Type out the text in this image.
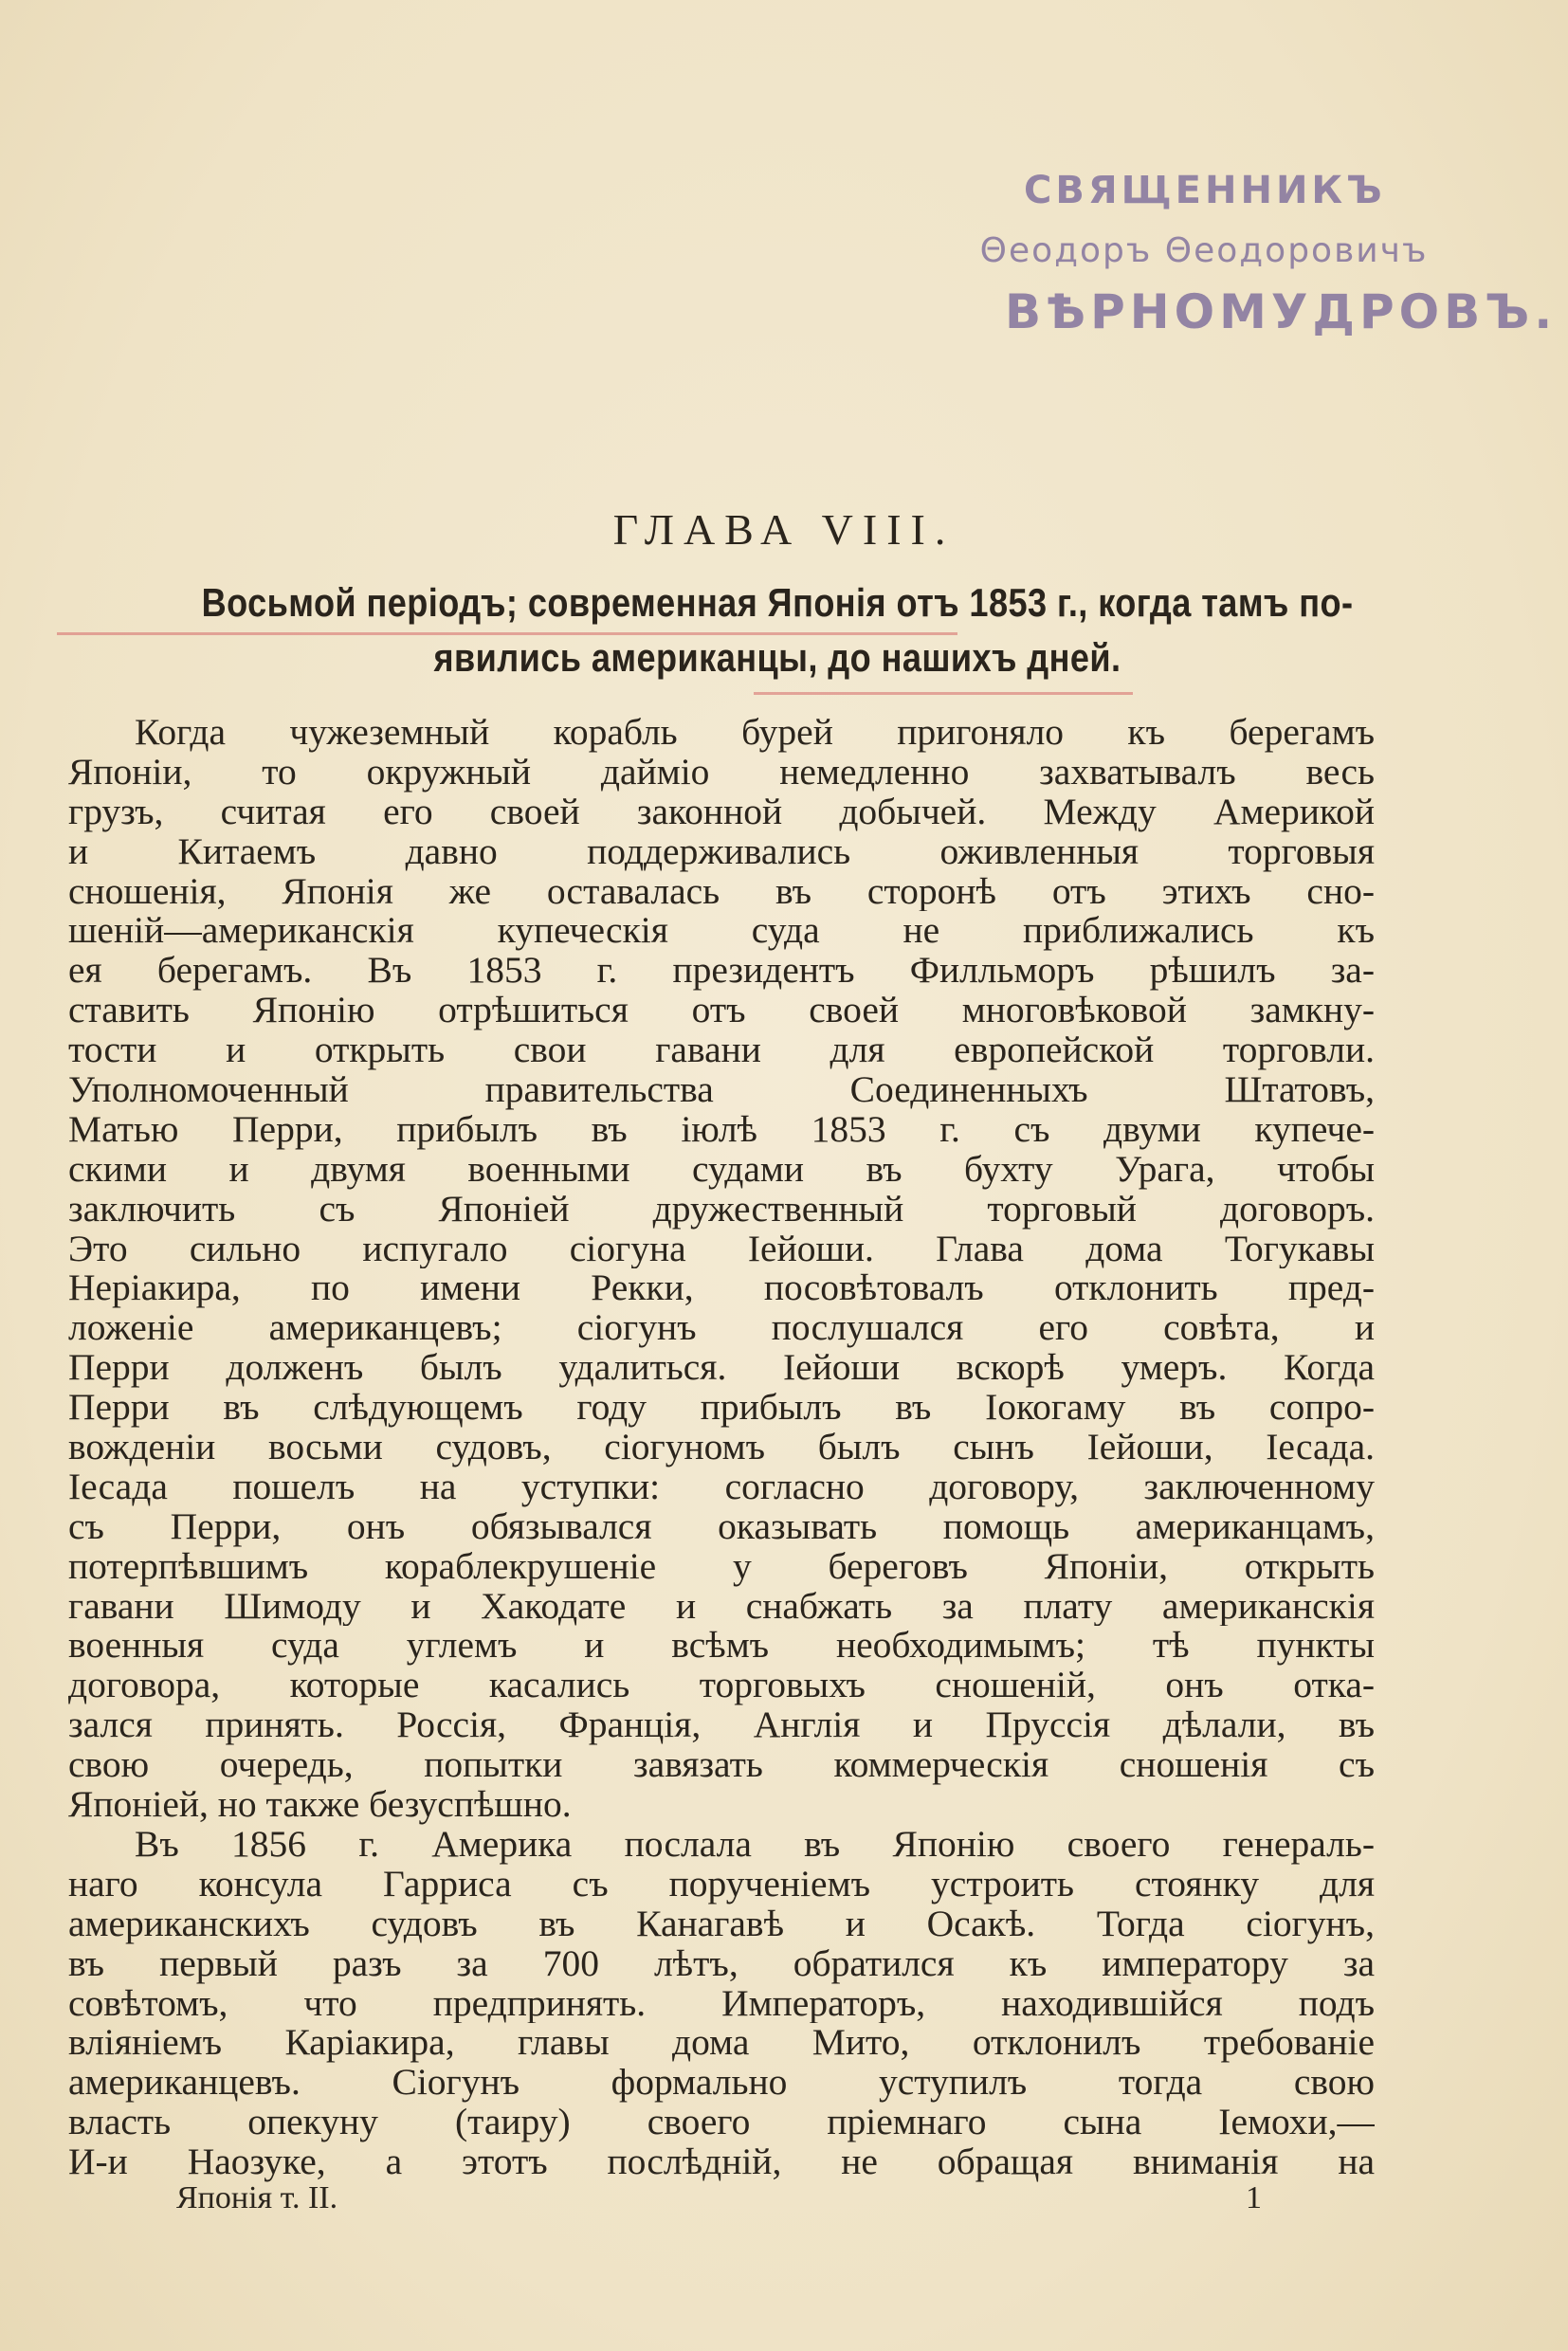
СВЯЩЕННИКЪ
Θеодоръ Θеодоровичъ
ВѢРНОМУДРОВЪ.
ГЛАВА VIII.
Восьмой періодъ; современная Японія отъ 1853 г., когда тамъ по-
явились американцы, до нашихъ дней.
Когда чужеземный корабль бурей пригоняло къ берегамъ
Японіи, то окружный дайміо немедленно захватывалъ весь
грузъ, считая его своей законной добычей. Между Америкой
и Китаемъ давно поддерживались оживленныя торговыя
сношенія, Японія же оставалась въ сторонѣ отъ этихъ сно-
шеній—американскія купеческія суда не приближались къ
ея берегамъ. Въ 1853 г. президентъ Филльморъ рѣшилъ за-
ставить Японію отрѣшиться отъ своей многовѣковой замкну-
тости и открыть свои гавани для европейской торговли.
Уполномоченный правительства Соединенныхъ Штатовъ,
Матью Перри, прибылъ въ іюлѣ 1853 г. съ двуми купече-
скими и двумя военными судами въ бухту Урага, чтобы
заключить съ Японіей дружественный торговый договоръ.
Это сильно испугало сіогуна Іейоши. Глава дома Тогукавы
Неріакира, по имени Рекки, посовѣтовалъ отклонить пред-
ложеніе американцевъ; сіогунъ послушался его совѣта, и
Перри долженъ былъ удалиться. Іейоши вскорѣ умеръ. Когда
Перри въ слѣдующемъ году прибылъ въ Іокогаму въ сопро-
вожденіи восьми судовъ, сіогуномъ былъ сынъ Іейоши, Іесада.
Іесада пошелъ на уступки: согласно договору, заключенному
съ Перри, онъ обязывался оказывать помощь американцамъ,
потерпѣвшимъ кораблекрушеніе у береговъ Японіи, открыть
гавани Шимоду и Хакодате и снабжать за плату американскія
военныя суда углемъ и всѣмъ необходимымъ; тѣ пункты
договора, которые касались торговыхъ сношеній, онъ отка-
зался принять. Россія, Франція, Англія и Пруссія дѣлали, въ
свою очередь, попытки завязать коммерческія сношенія съ
Японіей, но также безуспѣшно.
Въ 1856 г. Америка послала въ Японію своего генераль-
наго консула Гарриса съ порученіемъ устроить стоянку для
американскихъ судовъ въ Канагавѣ и Осакѣ. Тогда сіогунъ,
въ первый разъ за 700 лѣтъ, обратился къ императору за
совѣтомъ, что предпринять. Императоръ, находившійся подъ
вліяніемъ Каріакира, главы дома Мито, отклонилъ требованіе
американцевъ. Сіогунъ формально уступилъ тогда свою
власть опекуну (таиру) своего пріемнаго сына Іемохи,—
И-и Наозуке, а этотъ послѣдній, не обращая вниманія на
Японія т. II.	1
